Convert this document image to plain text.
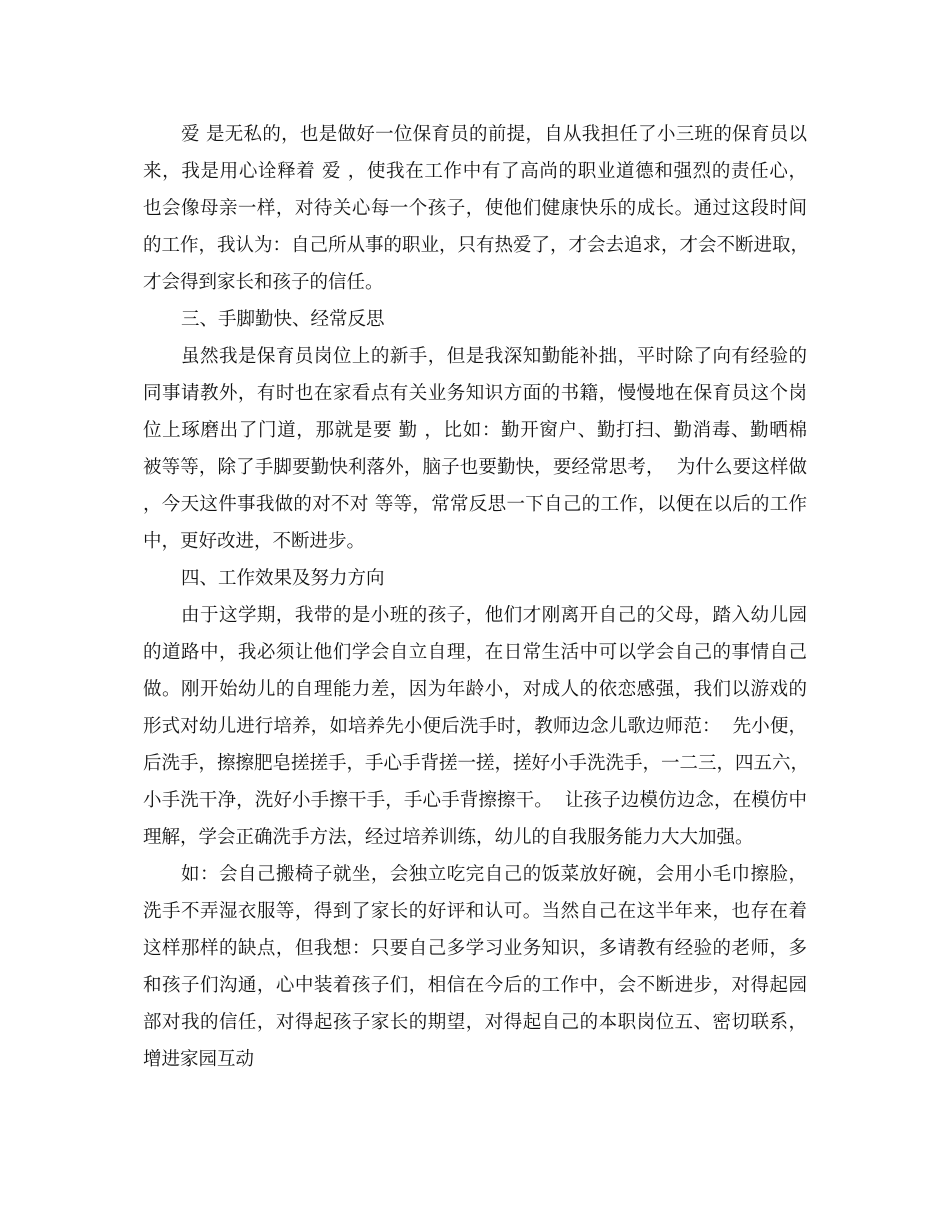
爱 是无私的，也是做好一位保育员的前提，自从我担任了小三班的保育员以
来，我是用心诠释着 爱 ，使我在工作中有了高尚的职业道德和强烈的责任心，
也会像母亲一样，对待关心每一个孩子，使他们健康快乐的成长。通过这段时间
的工作，我认为：自己所从事的职业，只有热爱了，才会去追求，才会不断进取，
才会得到家长和孩子的信任。
三、手脚勤快、经常反思
虽然我是保育员岗位上的新手，但是我深知勤能补拙，平时除了向有经验的
同事请教外，有时也在家看点有关业务知识方面的书籍，慢慢地在保育员这个岗
位上琢磨出了门道，那就是要 勤 ，比如：勤开窗户、勤打扫、勤消毒、勤晒棉
被等等，除了手脚要勤快利落外，脑子也要勤快，要经常思考，  为什么要这样做
，今天这件事我做的对不对 等等，常常反思一下自己的工作，以便在以后的工作
中，更好改进，不断进步。
四、工作效果及努力方向
由于这学期，我带的是小班的孩子，他们才刚离开自己的父母，踏入幼儿园
的道路中，我必须让他们学会自立自理，在日常生活中可以学会自己的事情自己
做。刚开始幼儿的自理能力差，因为年龄小，对成人的依恋感强，我们以游戏的
形式对幼儿进行培养，如培养先小便后洗手时，教师边念儿歌边师范：  先小便，
后洗手，擦擦肥皂搓搓手，手心手背搓一搓，搓好小手洗洗手，一二三，四五六，
小手洗干净，洗好小手擦干手，手心手背擦擦干。  让孩子边模仿边念，在模仿中
理解，学会正确洗手方法，经过培养训练，幼儿的自我服务能力大大加强。
如：会自己搬椅子就坐，会独立吃完自己的饭菜放好碗，会用小毛巾擦脸，
洗手不弄湿衣服等，得到了家长的好评和认可。当然自己在这半年来，也存在着
这样那样的缺点，但我想：只要自己多学习业务知识，多请教有经验的老师，多
和孩子们沟通，心中装着孩子们，相信在今后的工作中，会不断进步，对得起园
部对我的信任，对得起孩子家长的期望，对得起自己的本职岗位五、密切联系，
增进家园互动
